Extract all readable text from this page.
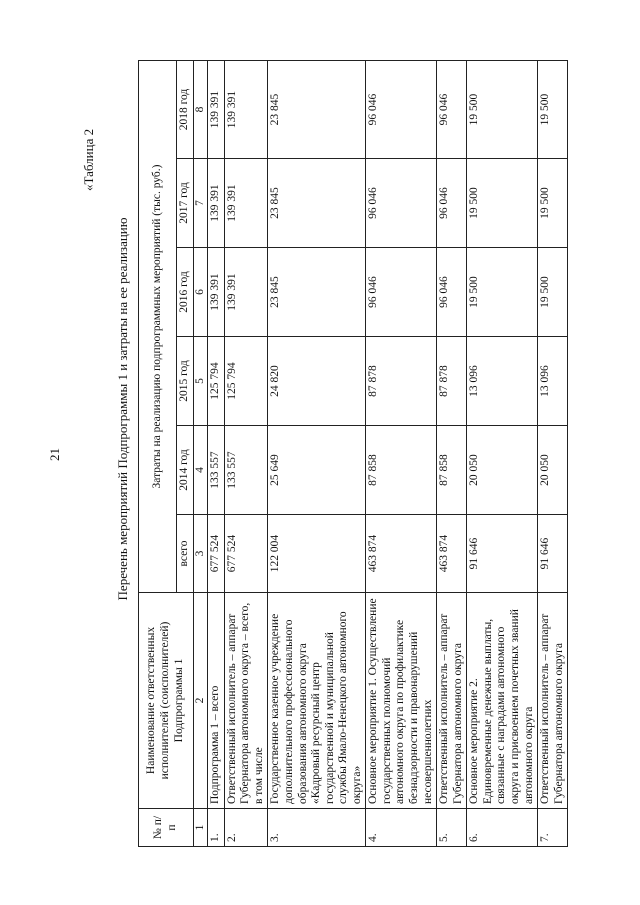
21
«Таблица 2
Перечень мероприятий Подпрограммы 1 и затраты на ее реализацию
№ п/п	Наименование ответственных исполнителей (соисполнителей) Подпрограммы 1	Затраты на реализацию подпрограммных мероприятий (тыс. руб.)					
		всего	2014 год	2015 год	2016 год	2017 год	2018 год
1	2	3	4	5	6	7	8
1.	Подпрограмма 1 – всего	677 524	133 557	125 794	139 391	139 391	139 391
2.	Ответственный исполнитель – аппарат Губернатора автономного округа – всего, в том числе	677 524	133 557	125 794	139 391	139 391	139 391
3.	Государственное казенное учреждение дополнительного профессионального образования автономного округа «Кадровый ресурсный центр государственной и муниципальной службы Ямало-Ненецкого автономного округа»	122 004	25 649	24 820	23 845	23 845	23 845
4.	Основное мероприятие 1. Осуществление государственных полномочий автономного округа по профилактике безнадзорности и правонарушений несовершеннолетних	463 874	87 858	87 878	96 046	96 046	96 046
5.	Ответственный исполнитель – аппарат Губернатора автономного округа	463 874	87 858	87 878	96 046	96 046	96 046
6.	Основное мероприятие 2. Единовременные денежные выплаты, связанные с наградами автономного округа и присвоением почетных званий автономного округа	91 646	20 050	13 096	19 500	19 500	19 500
7.	Ответственный исполнитель – аппарат Губернатора автономного округа	91 646	20 050	13 096	19 500	19 500	19 500
